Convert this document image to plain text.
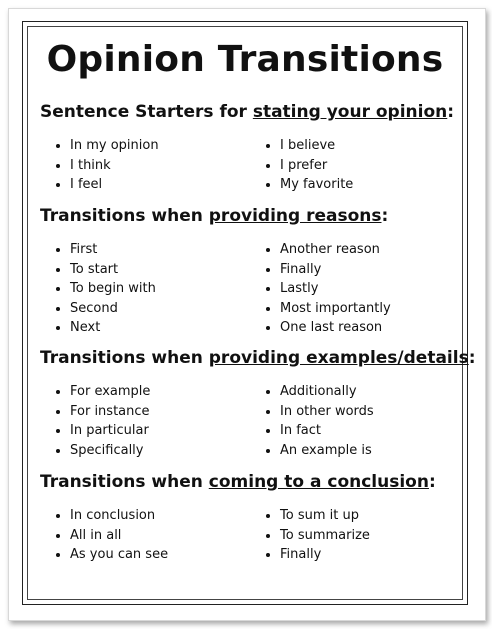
Opinion Transitions
Sentence Starters for stating your opinion:
In my opinion
I think
I feel
I believe
I prefer
My favorite
Transitions when providing reasons:
First
To start
To begin with
Second
Next
Another reason
Finally
Lastly
Most importantly
One last reason
Transitions when providing examples/details:
For example
For instance
In particular
Specifically
Additionally
In other words
In fact
An example is
Transitions when coming to a conclusion:
In conclusion
All in all
As you can see
To sum it up
To summarize
Finally
